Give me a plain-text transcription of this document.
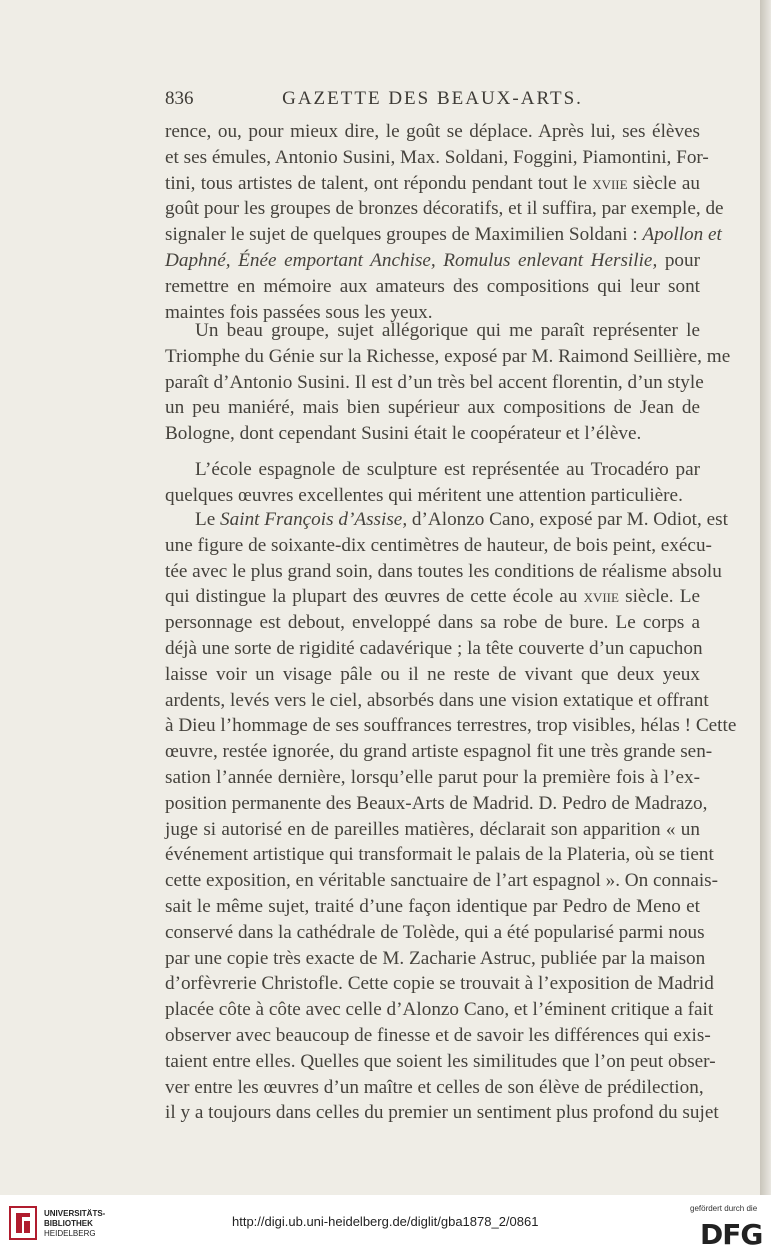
836	GAZETTE DES BEAUX-ARTS.

rence, ou, pour mieux dire, le goût se déplace. Après lui, ses élèves
et ses émules, Antonio Susini, Max. Soldani, Foggini, Piamontini, For-
tini, tous artistes de talent, ont répondu pendant tout le xviie siècle au
goût pour les groupes de bronzes décoratifs, et il suffira, par exemple, de
signaler le sujet de quelques groupes de Maximilien Soldani : Apollon et
Daphné, Énée emportant Anchise, Romulus enlevant Hersilie, pour
remettre en mémoire aux amateurs des compositions qui leur sont
maintes fois passées sous les yeux.

Un beau groupe, sujet allégorique qui me paraît représenter le
Triomphe du Génie sur la Richesse, exposé par M. Raimond Seillière, me
paraît d’Antonio Susini. Il est d’un très bel accent florentin, d’un style
un peu maniéré, mais bien supérieur aux compositions de Jean de
Bologne, dont cependant Susini était le coopérateur et l’élève.

L’école espagnole de sculpture est représentée au Trocadéro par
quelques œuvres excellentes qui méritent une attention particulière.

Le Saint François d’Assise, d’Alonzo Cano, exposé par M. Odiot, est
une figure de soixante-dix centimètres de hauteur, de bois peint, exécu-
tée avec le plus grand soin, dans toutes les conditions de réalisme absolu
qui distingue la plupart des œuvres de cette école au xviie siècle. Le
personnage est debout, enveloppé dans sa robe de bure. Le corps a
déjà une sorte de rigidité cadavérique ; la tête couverte d’un capuchon
laisse voir un visage pâle ou il ne reste de vivant que deux yeux
ardents, levés vers le ciel, absorbés dans une vision extatique et offrant
à Dieu l’hommage de ses souffrances terrestres, trop visibles, hélas ! Cette
œuvre, restée ignorée, du grand artiste espagnol fit une très grande sen-
sation l’année dernière, lorsqu’elle parut pour la première fois à l’ex-
position permanente des Beaux-Arts de Madrid. D. Pedro de Madrazo,
juge si autorisé en de pareilles matières, déclarait son apparition « un
événement artistique qui transformait le palais de la Plateria, où se tient
cette exposition, en véritable sanctuaire de l’art espagnol ». On connais-
sait le même sujet, traité d’une façon identique par Pedro de Meno et
conservé dans la cathédrale de Tolède, qui a été popularisé parmi nous
par une copie très exacte de M. Zacharie Astruc, publiée par la maison
d’orfèvrerie Christofle. Cette copie se trouvait à l’exposition de Madrid
placée côte à côte avec celle d’Alonzo Cano, et l’éminent critique a fait
observer avec beaucoup de finesse et de savoir les différences qui exis-
taient entre elles. Quelles que soient les similitudes que l’on peut obser-
ver entre les œuvres d’un maître et celles de son élève de prédilection,
il y a toujours dans celles du premier un sentiment plus profond du sujet

UNIVERSITÄTS-
BIBLIOTHEK
HEIDELBERG
http://digi.ub.uni-heidelberg.de/diglit/gba1878_2/0861
gefördert durch die
DFG
